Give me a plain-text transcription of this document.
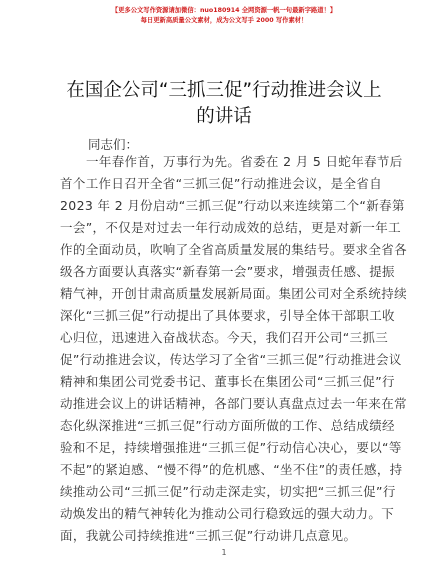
【更多公文写作资源请加微信：nuo180914 全网资源一帆一句最新字路道！】
每日更新高质量公文素材，成为公文写手 2000 写作素材！
在国企公司“三抓三促”行动推进会议上的讲话
同志们：
一年春作首，万事行为先。省委在 2 月 5 日蛇年春节后
首个工作日召开全省“三抓三促”行动推进会议，是全省自
2023 年 2 月份启动“三抓三促”行动以来连续第二个“新春第
一会”，不仅是对过去一年行动成效的总结，更是对新一年工
作的全面动员，吹响了全省高质量发展的集结号。要求全省各
级各方面要认真落实“新春第一会”要求，增强责任感、提振
精气神，开创甘肃高质量发展新局面。集团公司对全系统持续
深化“三抓三促”行动提出了具体要求，引导全体干部职工收
心归位，迅速进入奋战状态。今天，我们召开公司“三抓三
促”行动推进会议，传达学习了全省“三抓三促”行动推进会议
精神和集团公司党委书记、董事长在集团公司“三抓三促”行
动推进会议上的讲话精神，各部门要认真盘点过去一年来在常
态化纵深推进“三抓三促”行动方面所做的工作、总结成绩经
验和不足，持续增强推进“三抓三促”行动信心决心，要以“等
不起”的紧迫感、“慢不得”的危机感、“坐不住”的责任感，持
续推动公司“三抓三促”行动走深走实，切实把“三抓三促”行
动焕发出的精气神转化为推动公司行稳致远的强大动力。下
面，我就公司持续推进“三抓三促”行动讲几点意见。
1
